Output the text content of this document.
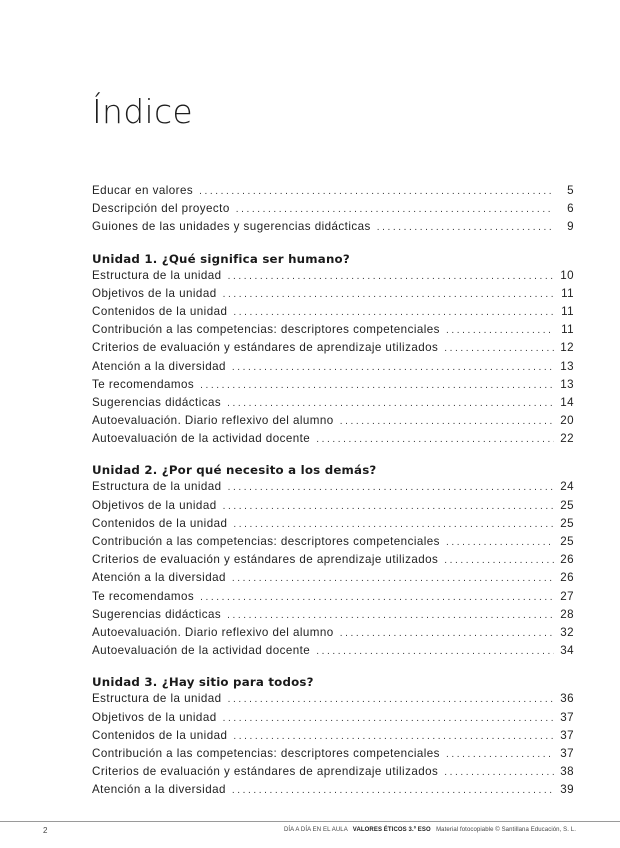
Índice
Educar en valores .....	5
Descripción del proyecto .....	6
Guiones de las unidades y sugerencias didácticas .....	9
Unidad 1. ¿Qué significa ser humano?
Estructura de la unidad .....	10
Objetivos de la unidad .....	11
Contenidos de la unidad .....	11
Contribución a las competencias: descriptores competenciales .....	11
Criterios de evaluación y estándares de aprendizaje utilizados .....	12
Atención a la diversidad .....	13
Te recomendamos .....	13
Sugerencias didácticas .....	14
Autoevaluación. Diario reflexivo del alumno .....	20
Autoevaluación de la actividad docente .....	22
Unidad 2. ¿Por qué necesito a los demás?
Estructura de la unidad .....	24
Objetivos de la unidad .....	25
Contenidos de la unidad .....	25
Contribución a las competencias: descriptores competenciales .....	25
Criterios de evaluación y estándares de aprendizaje utilizados .....	26
Atención a la diversidad .....	26
Te recomendamos .....	27
Sugerencias didácticas .....	28
Autoevaluación. Diario reflexivo del alumno .....	32
Autoevaluación de la actividad docente .....	34
Unidad 3. ¿Hay sitio para todos?
Estructura de la unidad .....	36
Objetivos de la unidad .....	37
Contenidos de la unidad .....	37
Contribución a las competencias: descriptores competenciales .....	37
Criterios de evaluación y estándares de aprendizaje utilizados .....	38
Atención a la diversidad .....	39
2	DÍA A DÍA EN EL AULA VALORES ÉTICOS 3.º ESO Material fotocopiable © Santillana Educación, S. L.
